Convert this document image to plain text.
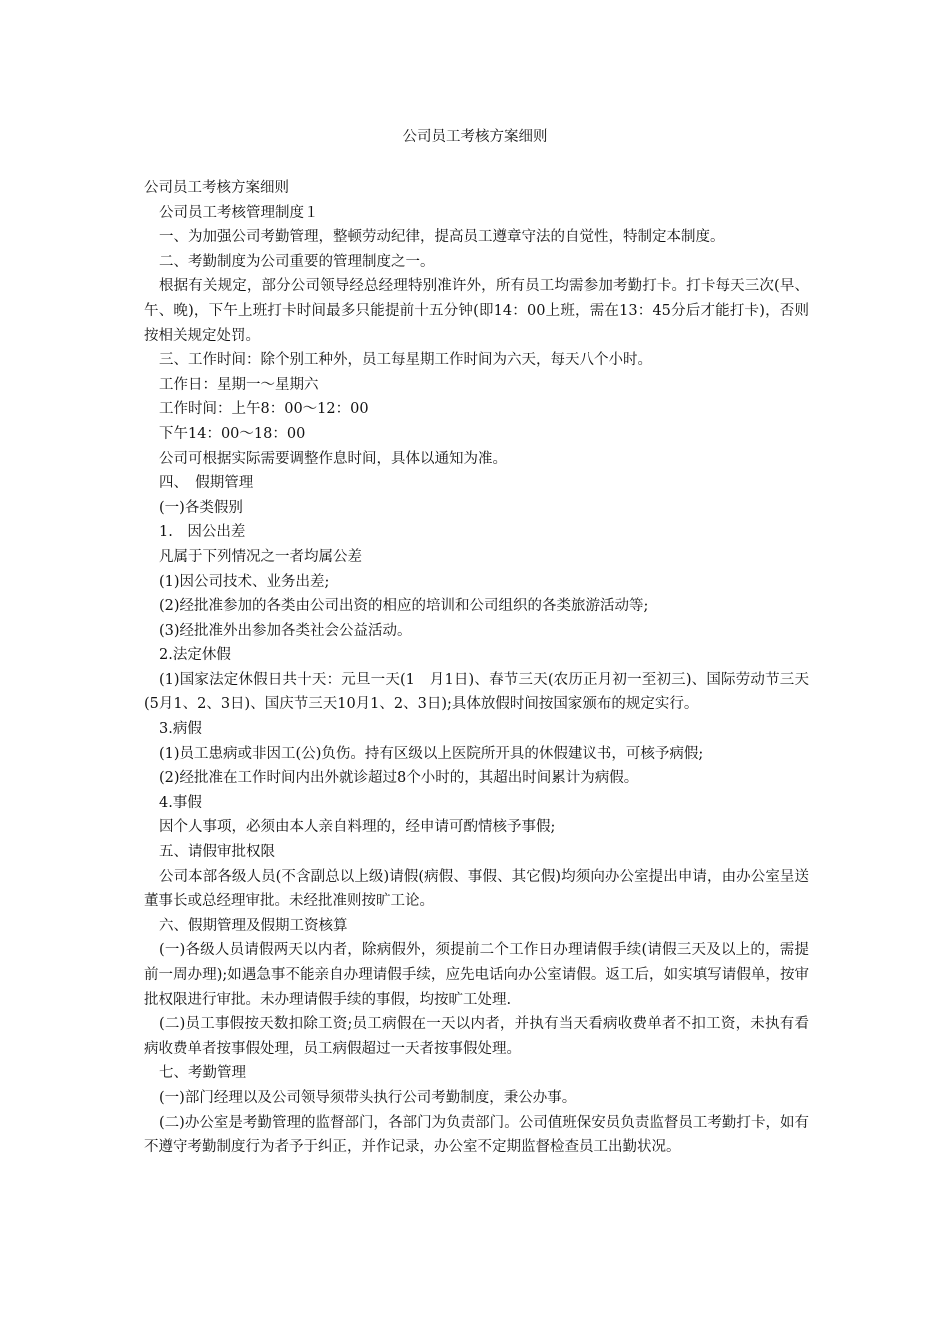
公司员工考核方案细则

公司员工考核方案细则

公司员工考核管理制度１

一、为加强公司考勤管理，整顿劳动纪律，提高员工遵章守法的自觉性，特制定本制度。

二、考勤制度为公司重要的管理制度之一。

根据有关规定，部分公司领导经总经理特别准许外，所有员工均需参加考勤打卡。打卡每天三次(早、午、晚)，下午上班打卡时间最多只能提前十五分钟(即14：00上班，需在13：45分后才能打卡)，否则按相关规定处罚。

三、工作时间：除个别工种外，员工每星期工作时间为六天，每天八个小时。

工作日：星期一～星期六

工作时间：上午8：00～12：00

下午14：00～18：00

公司可根据实际需要调整作息时间，具体以通知为准。

四、　假期管理

(一)各类假别

1.　因公出差

凡属于下列情况之一者均属公差

(1)因公司技术、业务出差;

(2)经批准参加的各类由公司出资的相应的培训和公司组织的各类旅游活动等;

(3)经批准外出参加各类社会公益活动。

2.法定休假

(1)国家法定休假日共十天：元旦一天(1　月1日)、春节三天(农历正月初一至初三)、国际劳动节三天(5月1、2、3日)、国庆节三天10月1、2、3日);具体放假时间按国家颁布的规定实行。

3.病假

(1)员工患病或非因工(公)负伤。持有区级以上医院所开具的休假建议书，可核予病假;

(2)经批准在工作时间内出外就诊超过8个小时的，其超出时间累计为病假。

4.事假

因个人事项，必须由本人亲自料理的，经申请可酌情核予事假;

五、请假审批权限

公司本部各级人员(不含副总以上级)请假(病假、事假、其它假)均须向办公室提出申请，由办公室呈送董事长或总经理审批。未经批准则按旷工论。

六、假期管理及假期工资核算

(一)各级人员请假两天以内者，除病假外，须提前二个工作日办理请假手续(请假三天及以上的，需提前一周办理);如遇急事不能亲自办理请假手续，应先电话向办公室请假。返工后，如实填写请假单，按审批权限进行审批。未办理请假手续的事假，均按旷工处理.

(二)员工事假按天数扣除工资;员工病假在一天以内者，并执有当天看病收费单者不扣工资，未执有看病收费单者按事假处理，员工病假超过一天者按事假处理。

七、考勤管理

(一)部门经理以及公司领导须带头执行公司考勤制度，秉公办事。

(二)办公室是考勤管理的监督部门，各部门为负责部门。公司值班保安员负责监督员工考勤打卡，如有不遵守考勤制度行为者予于纠正，并作记录，办公室不定期监督检查员工出勤状况。
